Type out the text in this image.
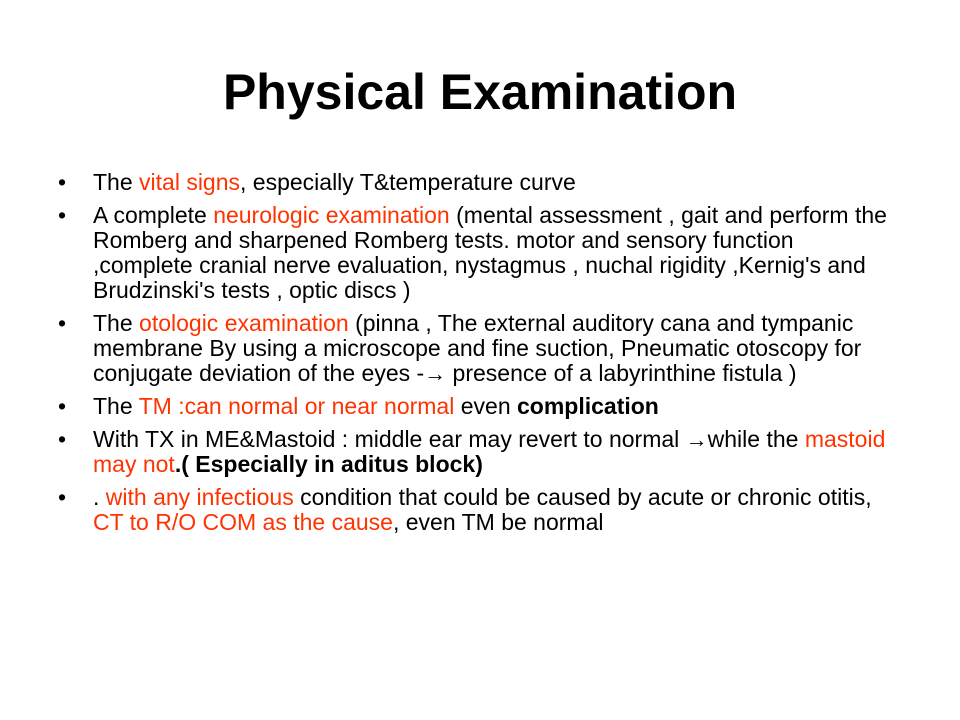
Physical Examination
•	The vital signs, especially T&temperature curve
•	A complete neurologic examination (mental assessment , gait and perform the Romberg and sharpened Romberg tests. motor and sensory function ,complete cranial nerve evaluation, nystagmus , nuchal rigidity ,Kernig's and Brudzinski's tests , optic discs )
•	The otologic examination (pinna , The external auditory cana and tympanic membrane By using a microscope and fine suction, Pneumatic otoscopy for conjugate deviation of the eyes -→ presence of a labyrinthine fistula )
•	The TM :can normal or near normal even complication
•	With TX in ME&Mastoid : middle ear may revert to normal →while the mastoid may not.( Especially in aditus block)
•	. with any infectious condition that could be caused by acute or chronic otitis, CT to R/O COM as the cause, even TM be normal
